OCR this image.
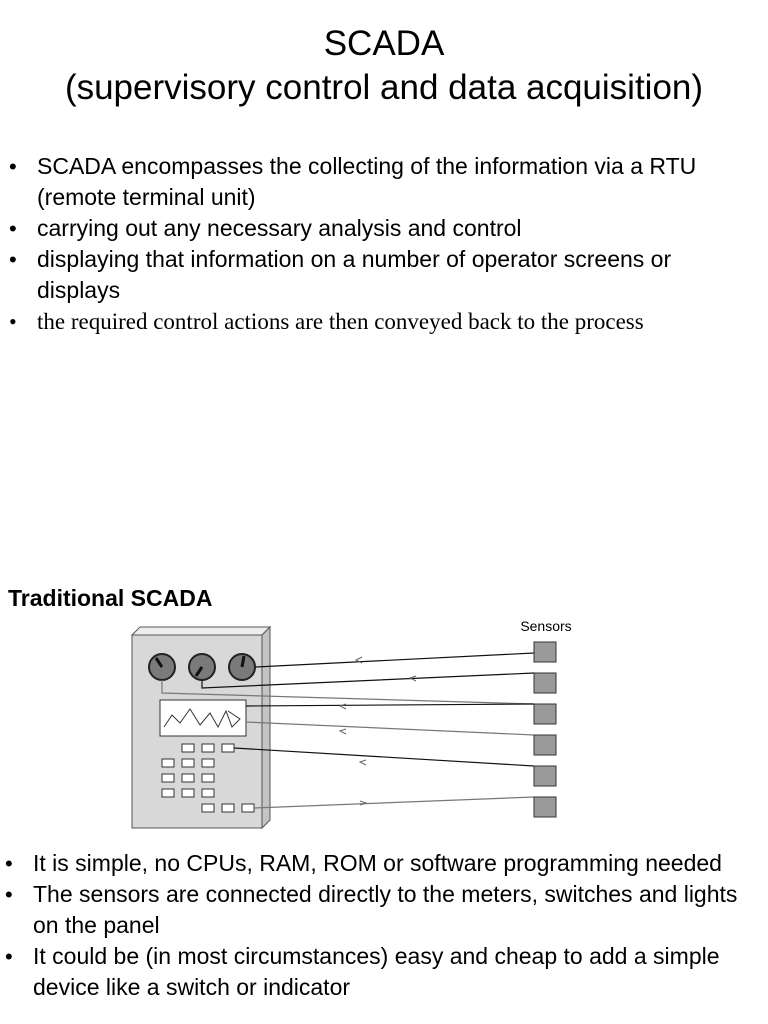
SCADA
(supervisory control and data acquisition)
• SCADA encompasses the collecting of the information via a RTU (remote terminal unit)
• carrying out any necessary analysis and control
• displaying that information on a number of operator screens or displays
• the required control actions are then conveyed back to the process
Traditional SCADA
Sensors
• It is simple, no CPUs, RAM, ROM or software programming needed
• The sensors are connected directly to the meters, switches and lights on the panel
• It could be (in most circumstances) easy and cheap to add a simple device like a switch or indicator
